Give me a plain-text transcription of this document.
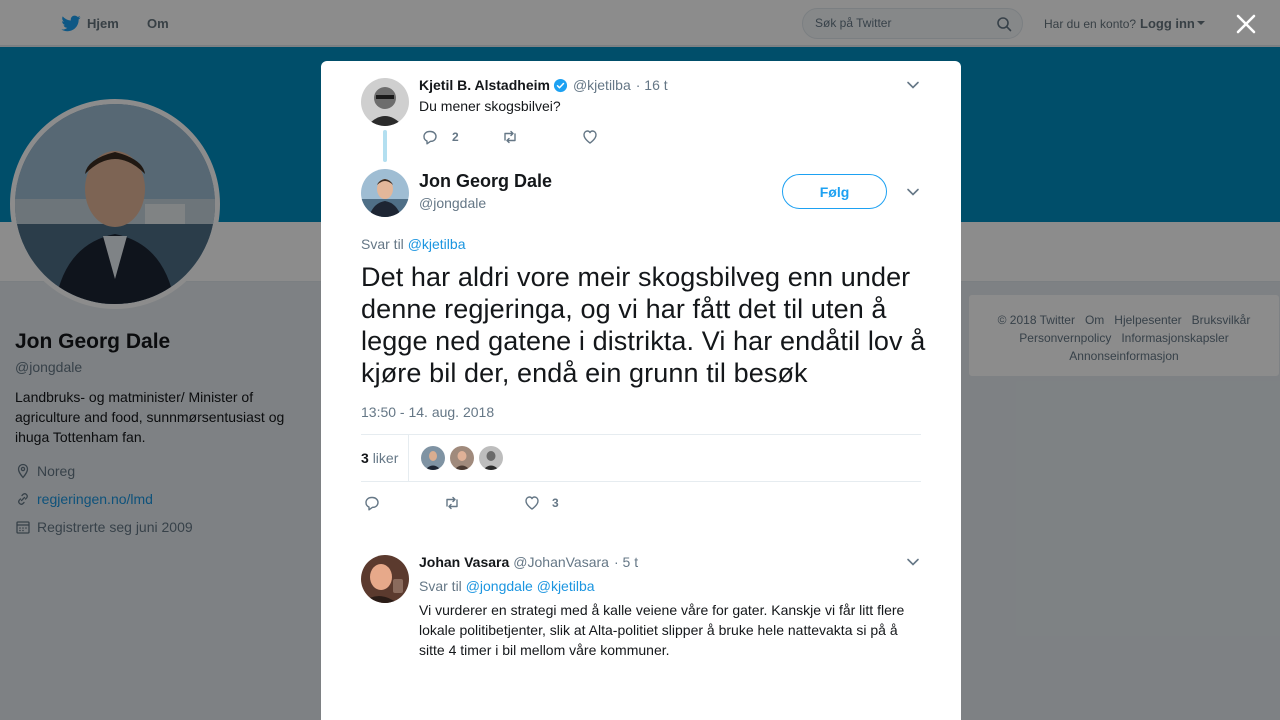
Hjem Om
Søk på Twitter	Har du en konto? Logg inn
Jon Georg Dale
@jongdale
Landbruks- og matminister/ Minister of agriculture and food, sunnmørsentusiast og ihuga Tottenham fan.
Noreg
regjeringen.no/lmd
Registrerte seg juni 2009
© 2018 Twitter Om Hjelpesenter Bruksvilkår
Personvernpolicy Informasjonskapsler
Annonseinformasjon
Kjetil B. Alstadheim @kjetilba · 16 t
Du mener skogsbilvei?
2
Jon Georg Dale
@jongdale
Følg
Svar til @kjetilba
Det har aldri vore meir skogsbilveg enn under denne regjeringa, og vi har fått det til uten å legge ned gatene i distrikta. Vi har endåtil lov å kjøre bil der, endå ein grunn til besøk
13:50 - 14. aug. 2018
3 liker
3
Johan Vasara @JohanVasara · 5 t
Svar til @jongdale @kjetilba
Vi vurderer en strategi med å kalle veiene våre for gater. Kanskje vi får litt flere lokale politibetjenter, slik at Alta-politiet slipper å bruke hele nattevakta si på å sitte 4 timer i bil mellom våre kommuner.
